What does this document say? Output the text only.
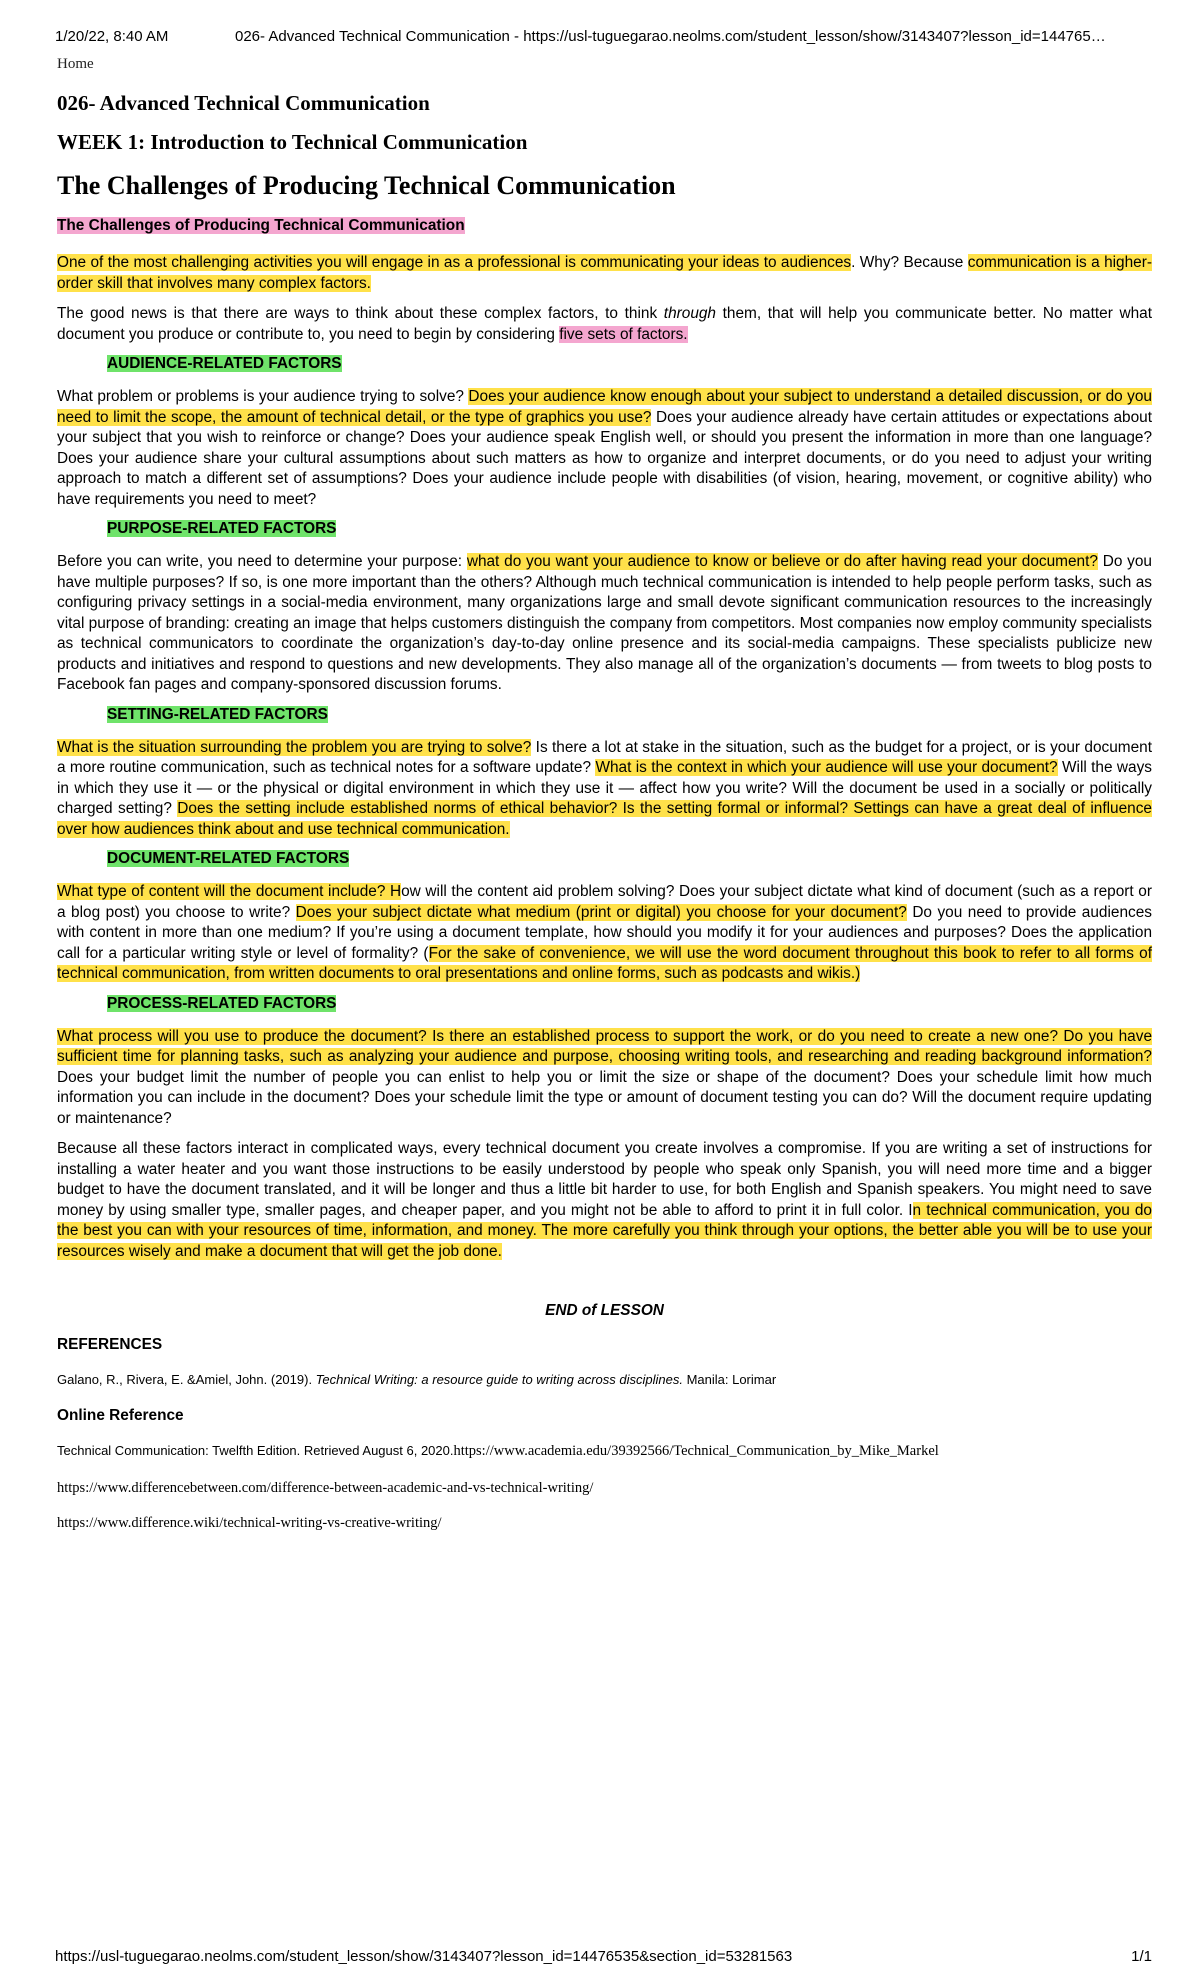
1/20/22, 8:40 AM	026- Advanced Technical Communication - https://usl-tuguegarao.neolms.com/student_lesson/show/3143407?lesson_id=144765…
Home
026- Advanced Technical Communication
WEEK 1: Introduction to Technical Communication
The Challenges of Producing Technical Communication
The Challenges of Producing Technical Communication

One of the most challenging activities you will engage in as a professional is communicating your ideas to audiences. Why? Because communication is a higher-order skill that involves many complex factors.

The good news is that there are ways to think about these complex factors, to think through them, that will help you communicate better. No matter what document you produce or contribute to, you need to begin by considering five sets of factors.

AUDIENCE-RELATED FACTORS

What problem or problems is your audience trying to solve? Does your audience know enough about your subject to understand a detailed discussion, or do you need to limit the scope, the amount of technical detail, or the type of graphics you use? Does your audience already have certain attitudes or expectations about your subject that you wish to reinforce or change? Does your audience speak English well, or should you present the information in more than one language? Does your audience share your cultural assumptions about such matters as how to organize and interpret documents, or do you need to adjust your writing approach to match a different set of assumptions? Does your audience include people with disabilities (of vision, hearing, movement, or cognitive ability) who have requirements you need to meet?

PURPOSE-RELATED FACTORS

Before you can write, you need to determine your purpose: what do you want your audience to know or believe or do after having read your document? Do you have multiple purposes? If so, is one more important than the others? Although much technical communication is intended to help people perform tasks, such as configuring privacy settings in a social-media environment, many organizations large and small devote significant communication resources to the increasingly vital purpose of branding: creating an image that helps customers distinguish the company from competitors. Most companies now employ community specialists as technical communicators to coordinate the organization’s day-to-day online presence and its social-media campaigns. These specialists publicize new products and initiatives and respond to questions and new developments. They also manage all of the organization’s documents — from tweets to blog posts to Facebook fan pages and company-sponsored discussion forums.

SETTING-RELATED FACTORS

What is the situation surrounding the problem you are trying to solve? Is there a lot at stake in the situation, such as the budget for a project, or is your document a more routine communication, such as technical notes for a software update? What is the context in which your audience will use your document? Will the ways in which they use it — or the physical or digital environment in which they use it — affect how you write? Will the document be used in a socially or politically charged setting? Does the setting include established norms of ethical behavior? Is the setting formal or informal? Settings can have a great deal of influence over how audiences think about and use technical communication.

DOCUMENT-RELATED FACTORS

What type of content will the document include? How will the content aid problem solving? Does your subject dictate what kind of document (such as a report or a blog post) you choose to write? Does your subject dictate what medium (print or digital) you choose for your document? Do you need to provide audiences with content in more than one medium? If you’re using a document template, how should you modify it for your audiences and purposes? Does the application call for a particular writing style or level of formality? (For the sake of convenience, we will use the word document throughout this book to refer to all forms of technical communication, from written documents to oral presentations and online forms, such as podcasts and wikis.)

PROCESS-RELATED FACTORS

What process will you use to produce the document? Is there an established process to support the work, or do you need to create a new one? Do you have sufficient time for planning tasks, such as analyzing your audience and purpose, choosing writing tools, and researching and reading background information? Does your budget limit the number of people you can enlist to help you or limit the size or shape of the document? Does your schedule limit how much information you can include in the document? Does your schedule limit the type or amount of document testing you can do? Will the document require updating or maintenance?

Because all these factors interact in complicated ways, every technical document you create involves a compromise. If you are writing a set of instructions for installing a water heater and you want those instructions to be easily understood by people who speak only Spanish, you will need more time and a bigger budget to have the document translated, and it will be longer and thus a little bit harder to use, for both English and Spanish speakers. You might need to save money by using smaller type, smaller pages, and cheaper paper, and you might not be able to afford to print it in full color. In technical communication, you do the best you can with your resources of time, information, and money. The more carefully you think through your options, the better able you will be to use your resources wisely and make a document that will get the job done.

END of LESSON
REFERENCES
Galano, R., Rivera, E. &Amiel, John. (2019). Technical Writing: a resource guide to writing across disciplines. Manila: Lorimar
Online Reference
Technical Communication: Twelfth Edition. Retrieved August 6, 2020.https://www.academia.edu/39392566/Technical_Communication_by_Mike_Markel
https://www.differencebetween.com/difference-between-academic-and-vs-technical-writing/
https://www.difference.wiki/technical-writing-vs-creative-writing/
https://usl-tuguegarao.neolms.com/student_lesson/show/3143407?lesson_id=14476535&section_id=53281563	1/1
